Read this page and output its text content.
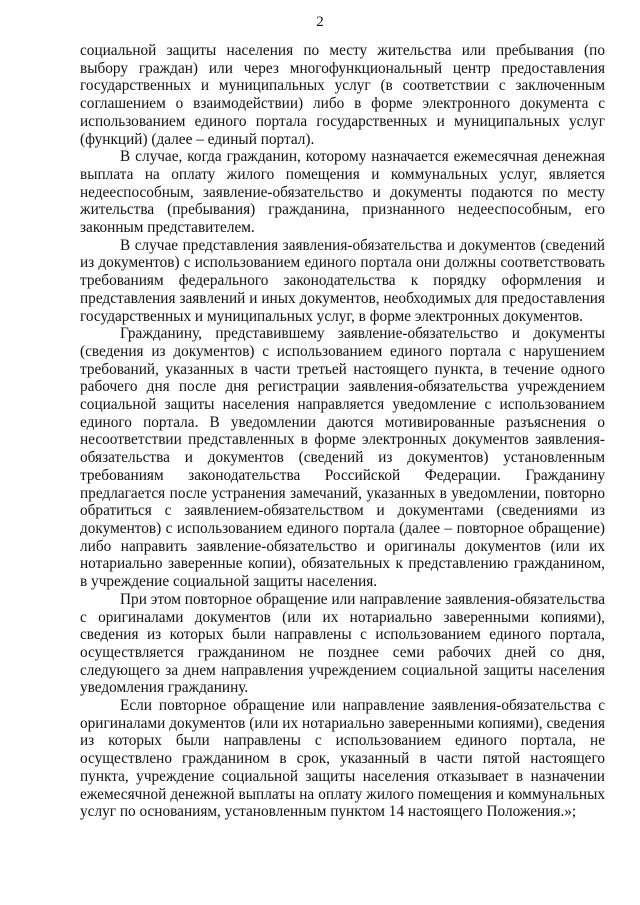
2

социальной защиты населения по месту жительства или пребывания (по выбору граждан) или через многофункциональный центр предоставления государственных и муниципальных услуг (в соответствии с заключенным соглашением о взаимодействии) либо в форме электронного документа с использованием единого портала государственных и муниципальных услуг (функций) (далее – единый портал).

В случае, когда гражданин, которому назначается ежемесячная денежная выплата на оплату жилого помещения и коммунальных услуг, является недееспособным, заявление-обязательство и документы подаются по месту жительства (пребывания) гражданина, признанного недееспособным, его законным представителем.

В случае представления заявления-обязательства и документов (сведений из документов) с использованием единого портала они должны соответствовать требованиям федерального законодательства к порядку оформления и представления заявлений и иных документов, необходимых для предоставления государственных и муниципальных услуг, в форме электронных документов.

Гражданину, представившему заявление-обязательство и документы (сведения из документов) с использованием единого портала с нарушением требований, указанных в части третьей настоящего пункта, в течение одного рабочего дня после дня регистрации заявления-обязательства учреждением социальной защиты населения направляется уведомление с использованием единого портала. В уведомлении даются мотивированные разъяснения о несоответствии представленных в форме электронных документов заявления-обязательства и документов (сведений из документов) установленным требованиям законодательства Российской Федерации. Гражданину предлагается после устранения замечаний, указанных в уведомлении, повторно обратиться с заявлением-обязательством и документами (сведениями из документов) с использованием единого портала (далее – повторное обращение) либо направить заявление-обязательство и оригиналы документов (или их нотариально заверенные копии), обязательных к представлению гражданином, в учреждение социальной защиты населения.

При этом повторное обращение или направление заявления-обязательства с оригиналами документов (или их нотариально заверенными копиями), сведения из которых были направлены с использованием единого портала, осуществляется гражданином не позднее семи рабочих дней со дня, следующего за днем направления учреждением социальной защиты населения уведомления гражданину.

Если повторное обращение или направление заявления-обязательства с оригиналами документов (или их нотариально заверенными копиями), сведения из которых были направлены с использованием единого портала, не осуществлено гражданином в срок, указанный в части пятой настоящего пункта, учреждение социальной защиты населения отказывает в назначении ежемесячной денежной выплаты на оплату жилого помещения и коммунальных услуг по основаниям, установленным пунктом 14 настоящего Положения.»;
